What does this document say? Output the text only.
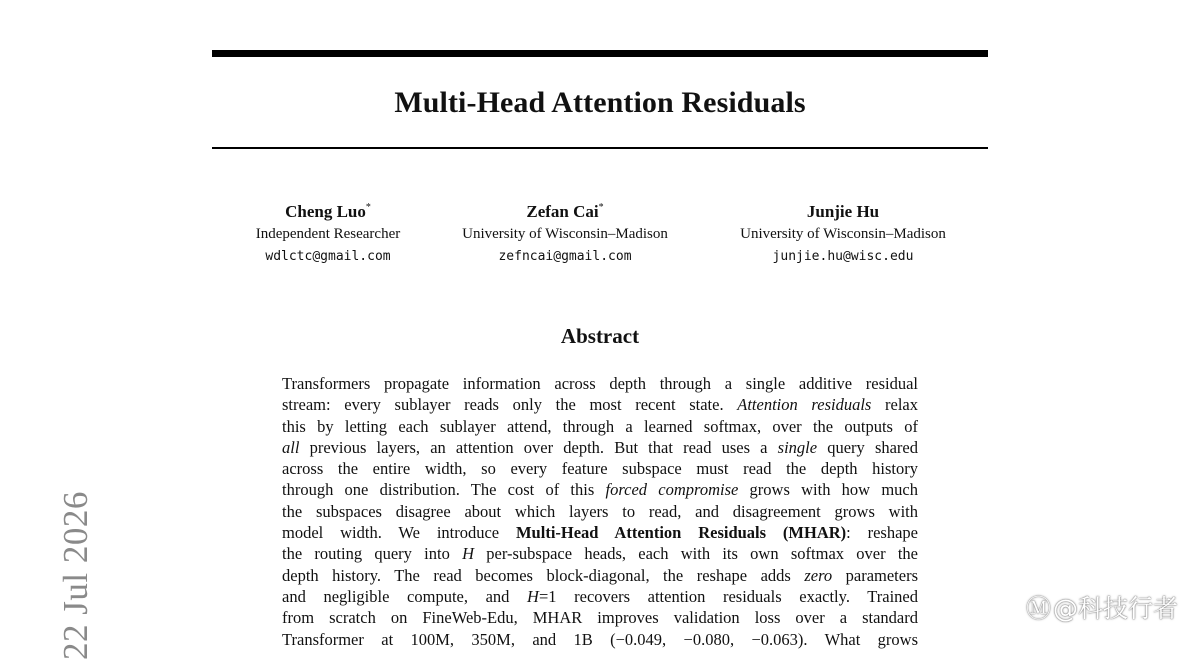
Multi-Head Attention Residuals
Cheng Luo*
Independent Researcher
wdlctc@gmail.com
Zefan Cai*
University of Wisconsin–Madison
zefncai@gmail.com
Junjie Hu
University of Wisconsin–Madison
junjie.hu@wisc.edu
Abstract
Transformers propagate information across depth through a single additive residual
stream: every sublayer reads only the most recent state. Attention residuals relax
this by letting each sublayer attend, through a learned softmax, over the outputs of
all previous layers, an attention over depth. But that read uses a single query shared
across the entire width, so every feature subspace must read the depth history
through one distribution. The cost of this forced compromise grows with how much
the subspaces disagree about which layers to read, and disagreement grows with
model width. We introduce Multi-Head Attention Residuals (MHAR): reshape
the routing query into H per-subspace heads, each with its own softmax over the
depth history. The read becomes block-diagonal, the reshape adds zero parameters
and negligible compute, and H=1 recovers attention residuals exactly. Trained
from scratch on FineWeb-Edu, MHAR improves validation loss over a standard
Transformer at 100M, 350M, and 1B (−0.049, −0.080, −0.063). What grows
22 Jul 2026	Ⓜ@科技行者
